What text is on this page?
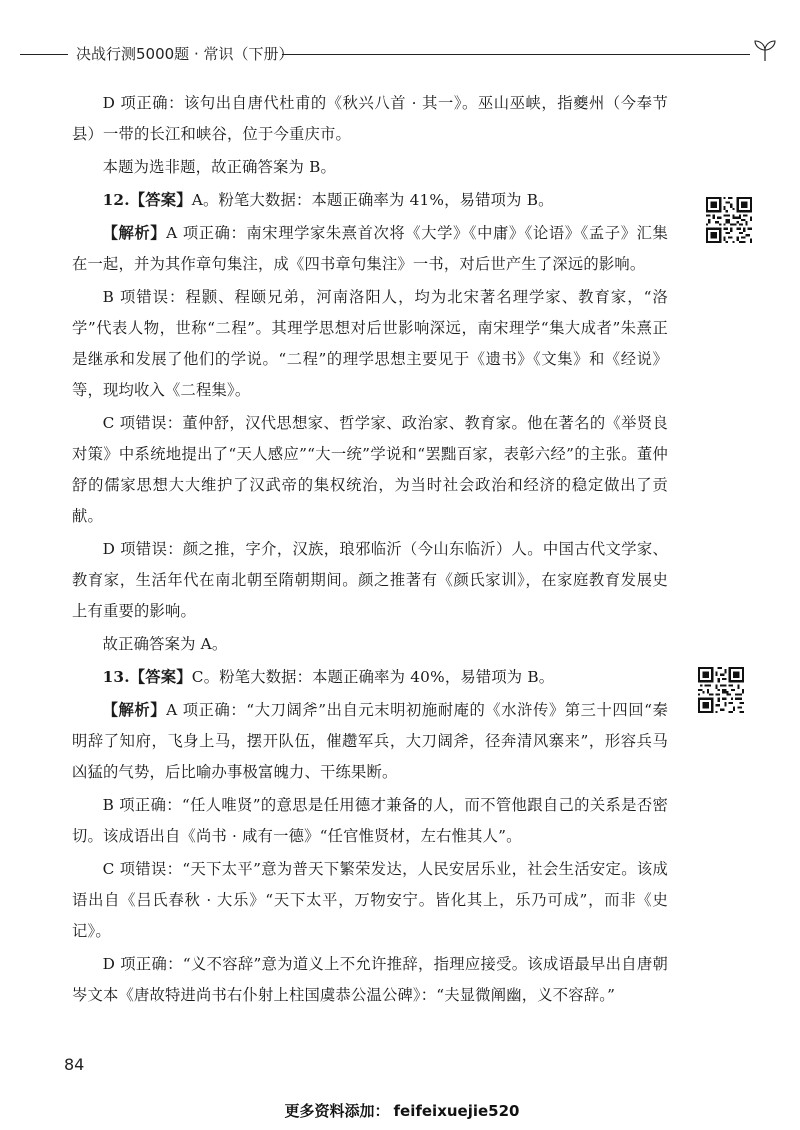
决战行测5000题 · 常识（下册）

D 项正确：该句出自唐代杜甫的《秋兴八首 · 其一》。巫山巫峡，指夔州（今奉节县）一带的长江和峡谷，位于今重庆市。

本题为选非题，故正确答案为 B。

12.【答案】A。粉笔大数据：本题正确率为 41%，易错项为 B。

【解析】A 项正确：南宋理学家朱熹首次将《大学》《中庸》《论语》《孟子》汇集在一起，并为其作章句集注，成《四书章句集注》一书，对后世产生了深远的影响。

B 项错误：程颢、程颐兄弟，河南洛阳人，均为北宋著名理学家、教育家，“洛学”代表人物，世称“二程”。其理学思想对后世影响深远，南宋理学“集大成者”朱熹正是继承和发展了他们的学说。“二程”的理学思想主要见于《遗书》《文集》和《经说》等，现均收入《二程集》。

C 项错误：董仲舒，汉代思想家、哲学家、政治家、教育家。他在著名的《举贤良对策》中系统地提出了“天人感应”“大一统”学说和“罢黜百家，表彰六经”的主张。董仲舒的儒家思想大大维护了汉武帝的集权统治，为当时社会政治和经济的稳定做出了贡献。

D 项错误：颜之推，字介，汉族，琅邪临沂（今山东临沂）人。中国古代文学家、教育家，生活年代在南北朝至隋朝期间。颜之推著有《颜氏家训》，在家庭教育发展史上有重要的影响。

故正确答案为 A。

13.【答案】C。粉笔大数据：本题正确率为 40%，易错项为 B。

【解析】A 项正确：“大刀阔斧”出自元末明初施耐庵的《水浒传》第三十四回“秦明辞了知府，飞身上马，摆开队伍，催趱军兵，大刀阔斧，径奔清风寨来”，形容兵马凶猛的气势，后比喻办事极富魄力、干练果断。

B 项正确：“任人唯贤”的意思是任用德才兼备的人，而不管他跟自己的关系是否密切。该成语出自《尚书 · 咸有一德》“任官惟贤材，左右惟其人”。

C 项错误：“天下太平”意为普天下繁荣发达，人民安居乐业，社会生活安定。该成语出自《吕氏春秋 · 大乐》“天下太平，万物安宁。皆化其上，乐乃可成”，而非《史记》。

D 项正确：“义不容辞”意为道义上不允许推辞，指理应接受。该成语最早出自唐朝岑文本《唐故特进尚书右仆射上柱国虞恭公温公碑》：“夫显微阐幽，义不容辞。”

84
更多资料添加： feifeixuejie520
